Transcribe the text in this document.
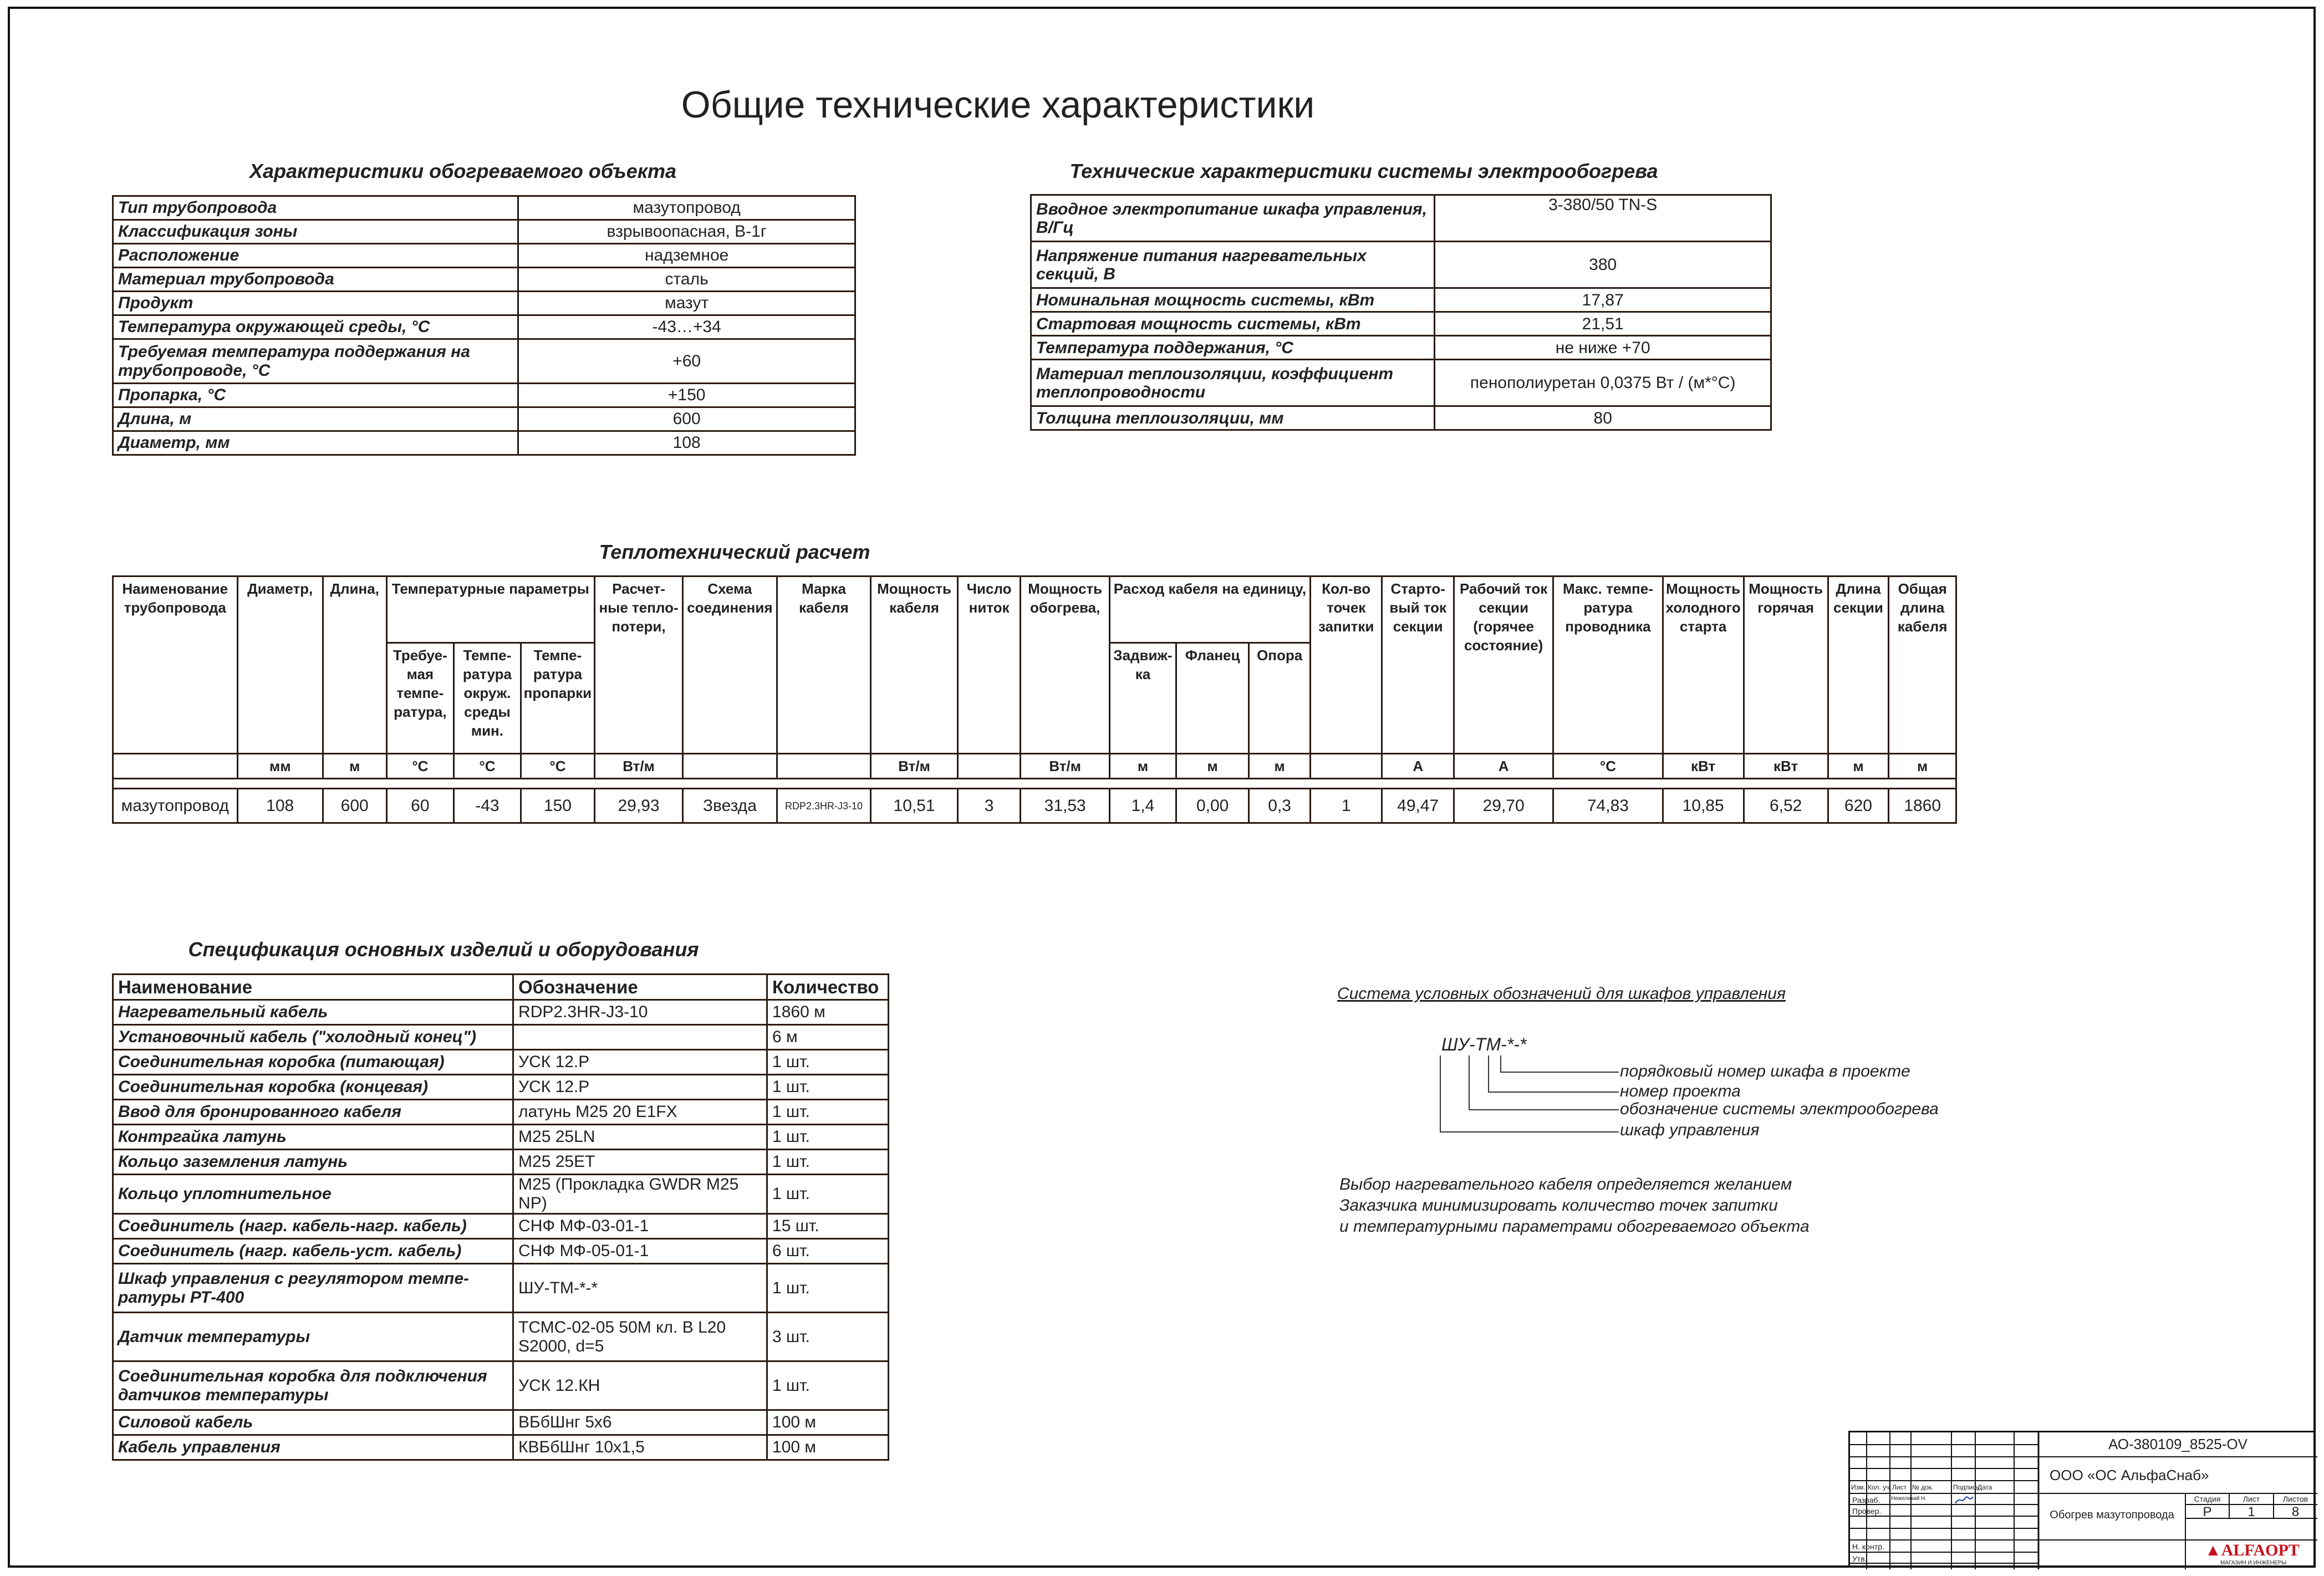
Общие технические характеристики
Характеристики обогреваемого объекта
Тип трубопровода	мазутопровод
Классификация зоны	взрывоопасная, В-1г
Расположение	надземное
Материал трубопровода	сталь
Продукт	мазут
Температура окружающей среды, °С	-43…+34
Требуемая температура поддержания на трубопроводе, °С	+60
Пропарка, °С	+150
Длина, м	600
Диаметр, мм	108
Технические характеристики системы электрообогрева
Вводное электропитание шкафа управления, В/Гц	3-380/50 TN-S
Напряжение питания нагревательных секций, В	380
Номинальная мощность системы, кВт	17,87
Стартовая мощность системы, кВт	21,51
Температура поддержания, °С	не ниже +70
Материал теплоизоляции, коэффициент теплопроводности	пенополиуретан 0,0375 Вт / (м*°С)
Толщина теплоизоляции, мм	80
Теплотехнический расчет
Наименование трубопровода	Диаметр,	Длина,	Температурные параметры			Расчет- ные тепло- потери,	Схема соединения	Марка кабеля	Мощность кабеля	Число ниток	Мощность обогрева,	Расход кабеля на единицу,			Кол-во точек запитки	Старто- вый ток секции	Рабочий ток секции (горячее состояние)	Макс. темпе- ратура проводника	Мощность холодного старта	Мощность горячая	Длина секции	Общая длина кабеля
			Требуе- мая темпе- ратура,	Темпе- ратура окруж. среды мин.	Темпе- ратура пропарки							Задвиж- ка	Фланец	Опора								
	мм	м	°С	°С	°С	Вт/м			Вт/м		Вт/м	м	м	м		А	А	°С	кВт	кВт	м	м

мазутопровод	108	600	60	-43	150	29,93	Звезда	RDP2.3HR-J3-10	10,51	3	31,53	1,4	0,00	0,3	1	49,47	29,70	74,83	10,85	6,52	620	1860
Спецификация основных изделий и оборудования
Наименование	Обозначение	Количество
Нагревательный кабель	RDP2.3HR-J3-10	1860 м
Установочный кабель ("холодный конец")		6 м
Соединительная коробка (питающая)	УСК 12.Р	1 шт.
Соединительная коробка (концевая)	УСК 12.Р	1 шт.
Ввод для бронированного кабеля	латунь M25 20 E1FX	1 шт.
Контргайка латунь	M25 25LN	1 шт.
Кольцо заземления латунь	M25 25ET	1 шт.
Кольцо уплотнительное	M25 (Прокладка GWDR M25 NP)	1 шт.
Соединитель (нагр. кабель-нагр. кабель)	СНФ МФ-03-01-1	15 шт.
Соединитель (нагр. кабель-уст. кабель)	СНФ МФ-05-01-1	6 шт.
Шкаф управления с регулятором темпе- ратуры РТ-400	ШУ-ТМ-*-*	1 шт.
Датчик температуры	ТСМС-02-05 50М кл. В L20 S2000, d=5	3 шт.
Соединительная коробка для подключения датчиков температуры	УСК 12.КН	1 шт.
Силовой кабель	ВБбШнг 5х6	100 м
Кабель управления	КВБбШнг 10х1,5	100 м
Система условных обозначений для шкафов управления
ШУ-ТМ-*-*
порядковый номер шкафа в проекте
номер проекта
обозначение системы электрообогрева
шкаф управления
Выбор нагревательного кабеля определяется желанием
Заказчика минимизировать количество точек запитки
и температурными параметрами обогреваемого объекта
АО-380109_8525-OV
ООО «ОС АльфаСнаб»
Обогрев мазутопровода
Изм. Кол. уч. Лист № док.	Подпись
Дата
Разраб. Нежелякий Н.
Провер.
Н. контр.
Утв.
Стадия	Лист	Листов
Р	1	8
▲ALFAOPT
МАГАЗИН И ИНЖЕНЕРЫ
